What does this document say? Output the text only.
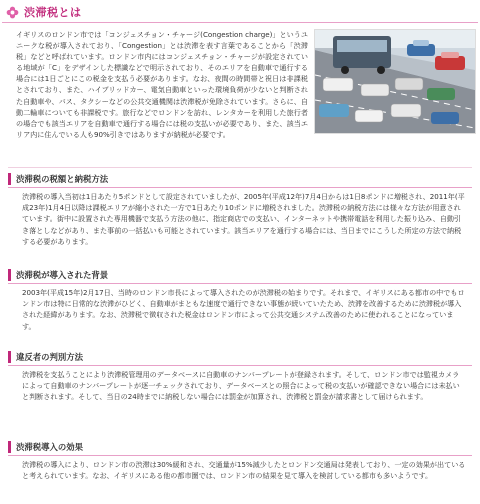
渋滞税とは

イギリスのロンドン市では「コンジェスチョン・チャージ(Congestion charge)」というユニークな税が導入されており、「Congestion」とは渋滞を表す言葉であることから「渋滞税」などと呼ばれています。ロンドン市内にはコンジェスチョン・チャージが設定されている地域が「C」をデザインした標識などで明示されており、そのエリアを自動車で通行する場合には1日ごとにこの税金を支払う必要があります。なお、夜間の時間帯と祝日は非課税とされており、また、ハイブリッドカー、電気自動車といった環境負荷が少ないと判断された自動車や、バス、タクシーなどの公共交通機関は渋滞税が免除されています。さらに、自動二輪車についても非課税です。旅行などでロンドンを訪れ、レンタカーを利用した旅行者の場合でも該当エリアを自動車で通行する場合には税の支払いが必要であり、また、該当エリア内に住んでいる人も90%引きではありますが納税が必要です。

渋滞税の税額と納税方法

渋滞税の導入当初は1日あたり5ポンドとして設定されていましたが、2005年(平成12年)7月4日からは1日8ポンドに増税され、2011年(平成23年)1月4日以降は課税エリアが縮小された一方で1日あたり10ポンドに増税されました。渋滞税の納税方法には様々な方法が用意されています。街中に設置された専用機器で支払う方法の他に、指定商店での支払い、インターネットや携帯電話を利用した振り込み、自動引き落としなどがあり、また事前の一括払いも可能とされています。該当エリアを通行する場合には、当日までにこうした所定の方法で納税する必要があります。

渋滞税が導入された背景

2003年(平成15年)2月17日、当時のロンドン市長によって導入されたのが渋滞税の始まりです。それまで、イギリスにある都市の中でもロンドン市は特に日常的な渋滞がひどく、自動車がまともな速度で通行できない事態が続いていたため、渋滞を改善するために渋滞税が導入された経緯があります。なお、渋滞税で徴収された税金はロンドン市によって公共交通システム改善のために使われることになっています。

違反者の判別方法

渋滞税を支払うことにより渋滞税管理用のデータベースに自動車のナンバープレートが登録されます。そして、ロンドン市では監視カメラによって自動車のナンバープレートが逐一チェックされており、データベースとの照合によって税の支払いが確認できない場合には未払いと判断されます。そして、当日の24時までに納税しない場合には罰金が加算され、渋滞税と罰金が請求書として届けられます。

渋滞税導入の効果

渋滞税の導入により、ロンドン市の渋滞は30%緩和され、交通量が15%減少したとロンドン交通局は発表しており、一定の効果が出ていると考えられています。なお、イギリスにある他の都市圏では、ロンドン市の結果を見て導入を検討している都市も多いようです。
